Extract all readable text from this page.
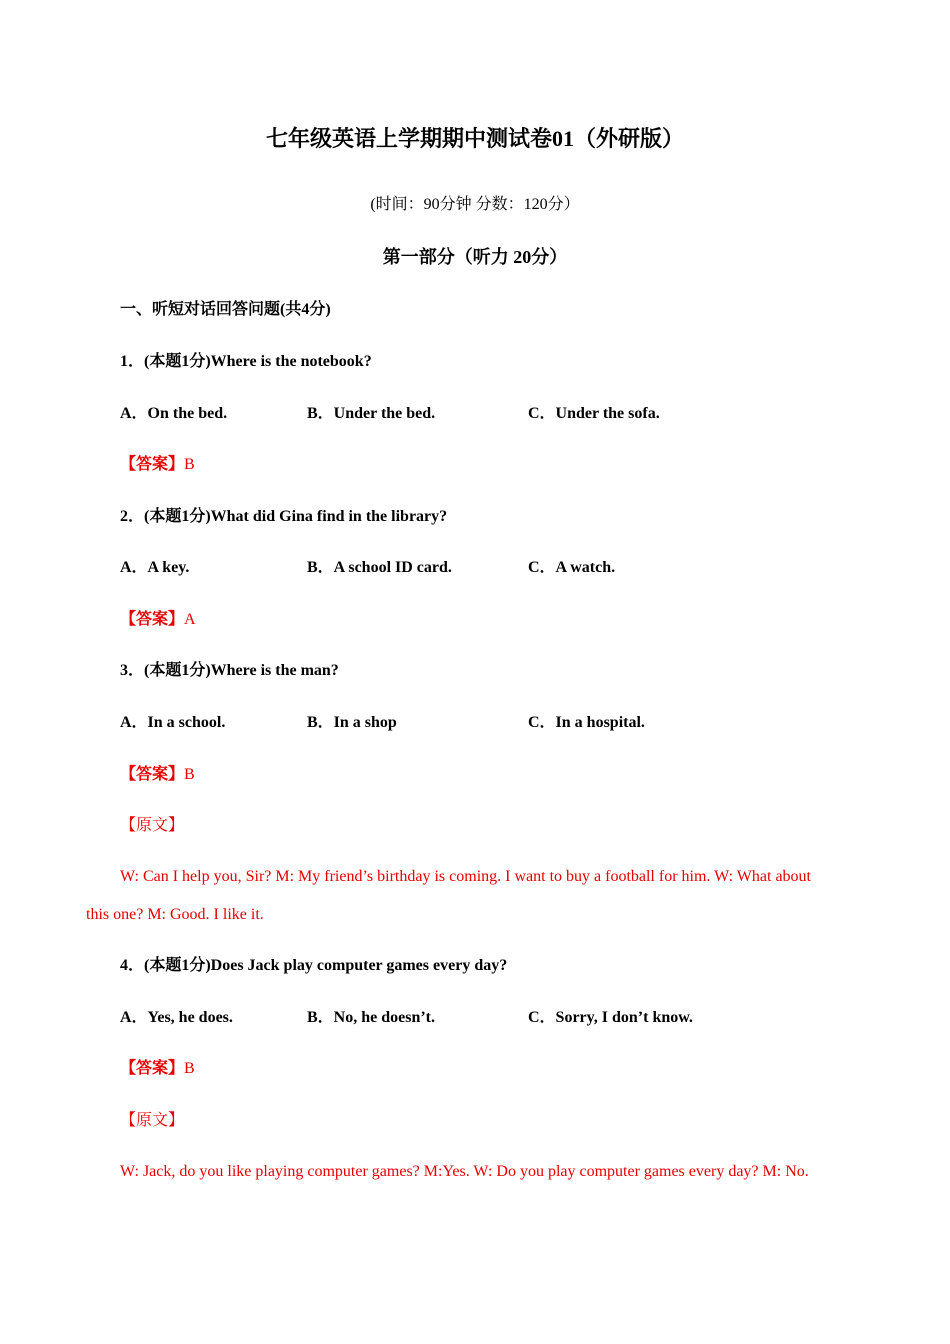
七年级英语上学期期中测试卷01（外研版）
(时间：90分钟 分数：120分）
第一部分（听力 20分）
一、听短对话回答问题(共4分)
1．(本题1分)Where is the notebook?
A．On the bed.	B．Under the bed.	C．Under the sofa.
【答案】B
2．(本题1分)What did Gina find in the library?
A．A key.	B．A school ID card.	C．A watch.
【答案】A
3．(本题1分)Where is the man?
A．In a school.	B．In a shop	C．In a hospital.
【答案】B
【原文】
W: Can I help you, Sir? M: My friend’s birthday is coming. I want to buy a football for him. W: What about
this one? M: Good. I like it.
4．(本题1分)Does Jack play computer games every day?
A．Yes, he does.	B．No, he doesn’t.	C．Sorry, I don’t know.
【答案】B
【原文】
W: Jack, do you like playing computer games? M:Yes. W: Do you play computer games every day? M: No.
